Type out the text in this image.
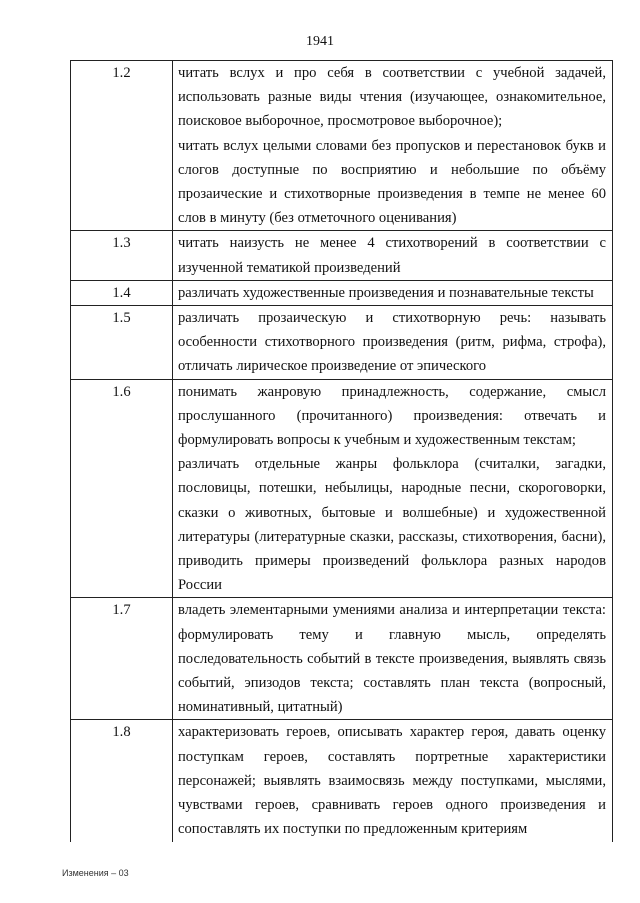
1941
1.2	читать вслух и про себя в соответствии с учебной задачей, использовать разные виды чтения (изучающее, ознакомительное, поисковое выборочное, просмотровое выборочное);

читать вслух целыми словами без пропусков и перестановок букв и слогов доступные по восприятию и небольшие по объёму прозаические и стихотворные произведения в темпе не менее 60 слов в минуту (без отметочного оценивания)

1.3	читать наизусть не менее 4 стихотворений в соответствии с изученной тематикой произведений

1.4	различать художественные произведения и познавательные тексты

1.5	различать прозаическую и стихотворную речь: называть особенности стихотворного произведения (ритм, рифма, строфа), отличать лирическое произведение от эпического

1.6	понимать жанровую принадлежность, содержание, смысл прослушанного (прочитанного) произведения: отвечать и формулировать вопросы к учебным и художественным текстам;

различать отдельные жанры фольклора (считалки, загадки, пословицы, потешки, небылицы, народные песни, скороговорки, сказки о животных, бытовые и волшебные) и художественной литературы (литературные сказки, рассказы, стихотворения, басни), приводить примеры произведений фольклора разных народов России

1.7	владеть элементарными умениями анализа и интерпретации текста: формулировать тему и главную мысль, определять последовательность событий в тексте произведения, выявлять связь событий, эпизодов текста; составлять план текста (вопросный, номинативный, цитатный)

1.8	характеризовать героев, описывать характер героя, давать оценку поступкам героев, составлять портретные характеристики персонажей; выявлять взаимосвязь между поступками, мыслями, чувствами героев, сравнивать героев одного произведения и сопоставлять их поступки по предложенным критериям

Изменения – 03
